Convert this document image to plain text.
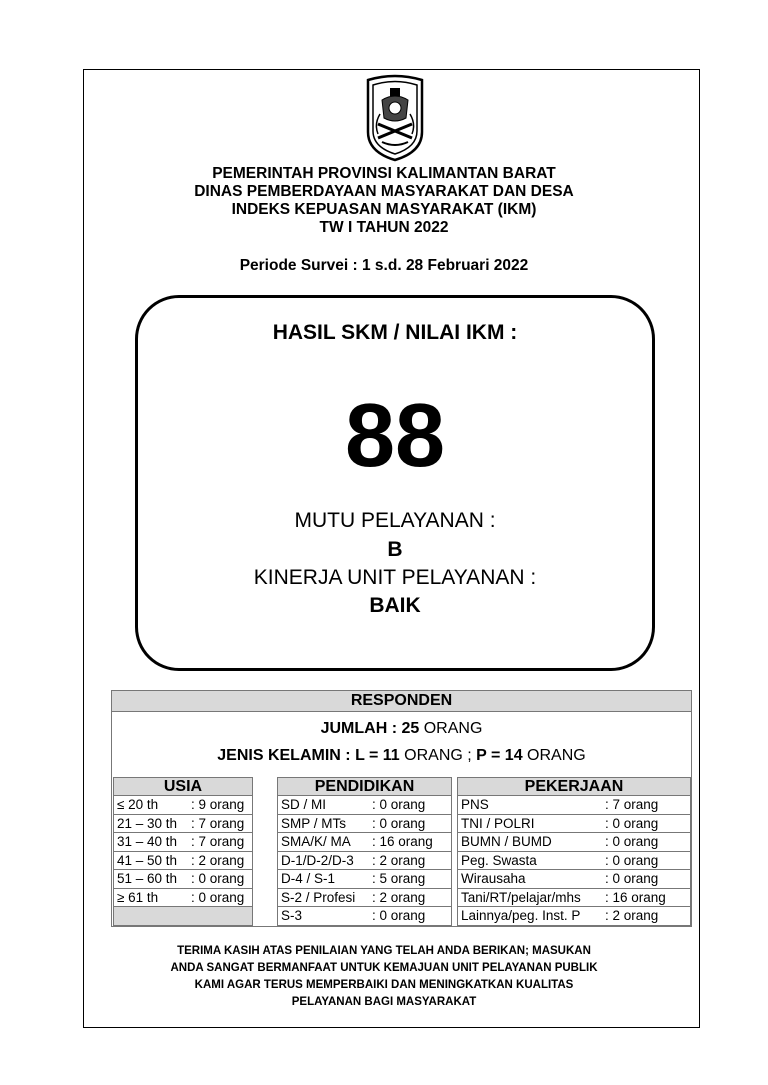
PEMERINTAH PROVINSI KALIMANTAN BARAT
DINAS PEMBERDAYAAN MASYARAKAT DAN DESA
INDEKS KEPUASAN MASYARAKAT (IKM)
TW I TAHUN 2022
Periode Survei : 1 s.d. 28 Februari 2022
HASIL SKM / NILAI IKM :
88
MUTU PELAYANAN :
B
KINERJA UNIT PELAYANAN :
BAIK
RESPONDEN
JUMLAH : 25 ORANG
JENIS KELAMIN : L = 11 ORANG ; P = 14 ORANG
USIA
≤ 20 th : 9 orang
21 – 30 th : 7 orang
31 – 40 th : 7 orang
41 – 50 th : 2 orang
51 – 60 th : 0 orang
≥ 61 th : 0 orang
PENDIDIKAN
SD / MI	: 0 orang
SMP / MTs : 0 orang
SMA/K/ MA : 16 orang
D-1/D-2/D-3 : 2 orang
D-4 / S-1	: 5 orang
S-2 / Profesi : 2 orang
S-3	: 0 orang
PEKERJAAN
PNS	: 7 orang
TNI / POLRI	: 0 orang
BUMN / BUMD	: 0 orang
Peg. Swasta	: 0 orang
Wirausaha	: 0 orang
Tani/RT/pelajar/mhs : 16 orang
Lainnya/peg. Inst. P : 2 orang
TERIMA KASIH ATAS PENILAIAN YANG TELAH ANDA BERIKAN; MASUKAN
ANDA SANGAT BERMANFAAT UNTUK KEMAJUAN UNIT PELAYANAN PUBLIK
KAMI AGAR TERUS MEMPERBAIKI DAN MENINGKATKAN KUALITAS
PELAYANAN BAGI MASYARAKAT
